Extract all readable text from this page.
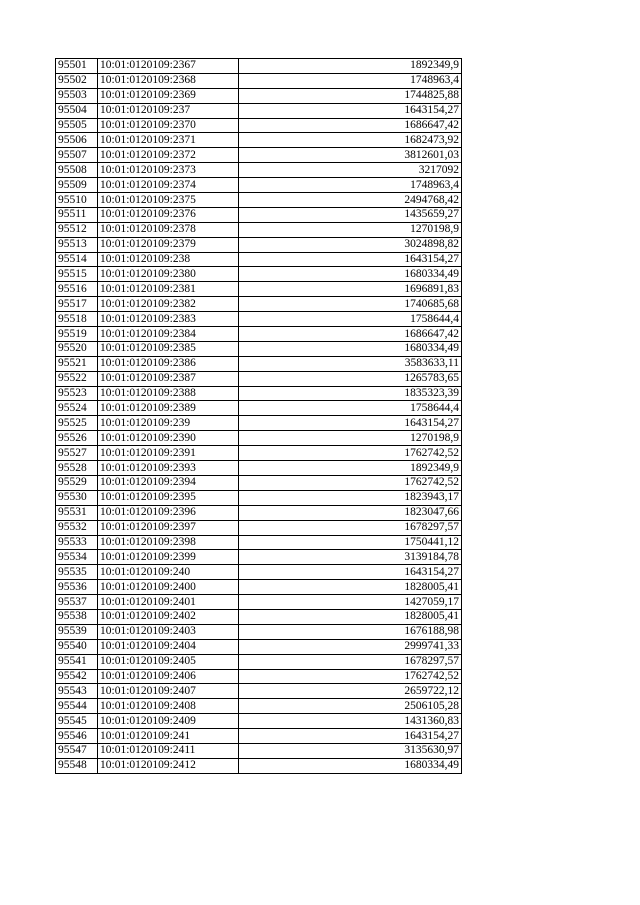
95501	10:01:0120109:2367	1892349,9
95502	10:01:0120109:2368	1748963,4
95503	10:01:0120109:2369	1744825,88
95504	10:01:0120109:237	1643154,27
95505	10:01:0120109:2370	1686647,42
95506	10:01:0120109:2371	1682473,92
95507	10:01:0120109:2372	3812601,03
95508	10:01:0120109:2373	3217092
95509	10:01:0120109:2374	1748963,4
95510	10:01:0120109:2375	2494768,42
95511	10:01:0120109:2376	1435659,27
95512	10:01:0120109:2378	1270198,9
95513	10:01:0120109:2379	3024898,82
95514	10:01:0120109:238	1643154,27
95515	10:01:0120109:2380	1680334,49
95516	10:01:0120109:2381	1696891,83
95517	10:01:0120109:2382	1740685,68
95518	10:01:0120109:2383	1758644,4
95519	10:01:0120109:2384	1686647,42
95520	10:01:0120109:2385	1680334,49
95521	10:01:0120109:2386	3583633,11
95522	10:01:0120109:2387	1265783,65
95523	10:01:0120109:2388	1835323,39
95524	10:01:0120109:2389	1758644,4
95525	10:01:0120109:239	1643154,27
95526	10:01:0120109:2390	1270198,9
95527	10:01:0120109:2391	1762742,52
95528	10:01:0120109:2393	1892349,9
95529	10:01:0120109:2394	1762742,52
95530	10:01:0120109:2395	1823943,17
95531	10:01:0120109:2396	1823047,66
95532	10:01:0120109:2397	1678297,57
95533	10:01:0120109:2398	1750441,12
95534	10:01:0120109:2399	3139184,78
95535	10:01:0120109:240	1643154,27
95536	10:01:0120109:2400	1828005,41
95537	10:01:0120109:2401	1427059,17
95538	10:01:0120109:2402	1828005,41
95539	10:01:0120109:2403	1676188,98
95540	10:01:0120109:2404	2999741,33
95541	10:01:0120109:2405	1678297,57
95542	10:01:0120109:2406	1762742,52
95543	10:01:0120109:2407	2659722,12
95544	10:01:0120109:2408	2506105,28
95545	10:01:0120109:2409	1431360,83
95546	10:01:0120109:241	1643154,27
95547	10:01:0120109:2411	3135630,97
95548	10:01:0120109:2412	1680334,49
